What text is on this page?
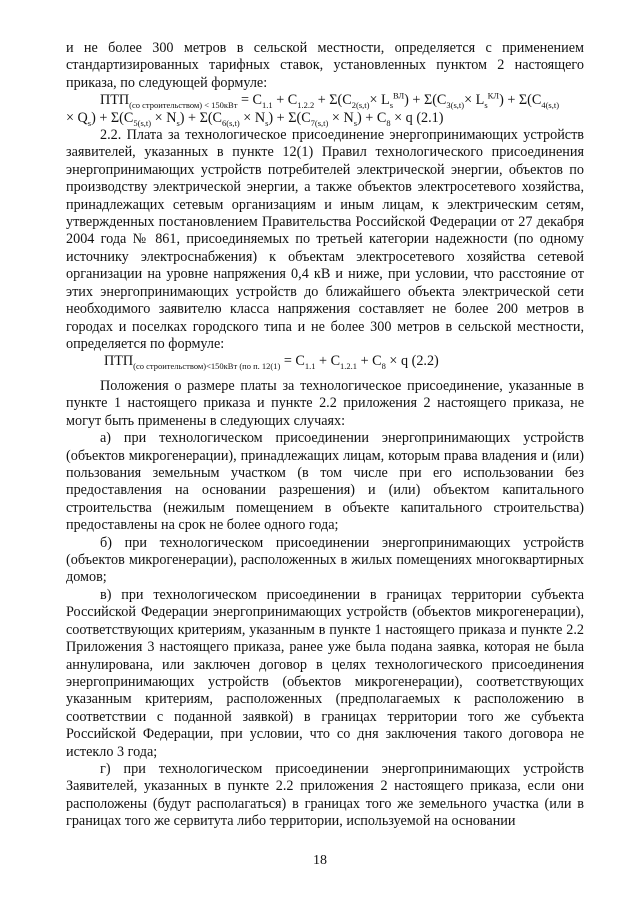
и не более 300 метров в сельской местности, определяется с применением стандартизированных тарифных ставок, установленных пунктом 2 настоящего приказа, по следующей формуле:

$ПТП_{(со строительством) < 150кВт} = С_{1.1} + С_{1.2.2} + \Sigma(С_{2(s,t)}\times L_s^{ВЛ}) + \Sigma(С_{3(s,t)}\times L_s^{КЛ}) + \Sigma(С_{4(s,t)}$

× $Q_s) + \Sigma(С_{5(s,t)} \times N_s) + \Sigma(С_{6(s,t)} \times N_s) + \Sigma(С_{7(s,t)} \times N_s) + С_8 \times q$ (2.1)

2.2. Плата за технологическое присоединение энергопринимающих устройств заявителей, указанных в пункте 12(1) Правил технологического присоединения энергопринимающих устройств потребителей электрической энергии, объектов по производству электрической энергии, а также объектов электросетевого хозяйства, принадлежащих сетевым организациям и иным лицам, к электрическим сетям, утвержденных постановлением Правительства Российской Федерации от 27 декабря 2004 года № 861, присоединяемых по третьей категории надежности (по одному источнику электроснабжения) к объектам электросетевого хозяйства сетевой организации на уровне напряжения 0,4 кВ и ниже, при условии, что расстояние от этих энергопринимающих устройств до ближайшего объекта электрической сети необходимого заявителю класса напряжения составляет не более 200 метров в городах и поселках городского типа и не более 300 метров в сельской местности, определяется по формуле:

$ПТП_{(со строительством)<150кВт (по п. 12(1)} = С_{1.1} + С_{1.2.1} + С_8 \times q$ (2.2)

Положения о размере платы за технологическое присоединение, указанные в пункте 1 настоящего приказа и пункте 2.2 приложения 2 настоящего приказа, не могут быть применены в следующих случаях:

а) при технологическом присоединении энергопринимающих устройств (объектов микрогенерации), принадлежащих лицам, которым права владения и (или) пользования земельным участком (в том числе при его использовании без предоставления на основании разрешения) и (или) объектом капитального строительства (нежилым помещением в объекте капитального строительства) предоставлены на срок не более одного года;

б) при технологическом присоединении энергопринимающих устройств (объектов микрогенерации), расположенных в жилых помещениях многоквартирных домов;

в) при технологическом присоединении в границах территории субъекта Российской Федерации энергопринимающих устройств (объектов микрогенерации), соответствующих критериям, указанным в пункте 1 настоящего приказа и пункте 2.2 Приложения 3 настоящего приказа, ранее уже была подана заявка, которая не была аннулирована, или заключен договор в целях технологического присоединения энергопринимающих устройств (объектов микрогенерации), соответствующих указанным критериям, расположенных (предполагаемых к расположению в соответствии с поданной заявкой) в границах территории того же субъекта Российской Федерации, при условии, что со дня заключения такого договора не истекло 3 года;

г) при технологическом присоединении энергопринимающих устройств Заявителей, указанных в пункте 2.2 приложения 2 настоящего приказа, если они расположены (будут располагаться) в границах того же земельного участка (или в границах того же сервитута либо территории, используемой на основании

18
